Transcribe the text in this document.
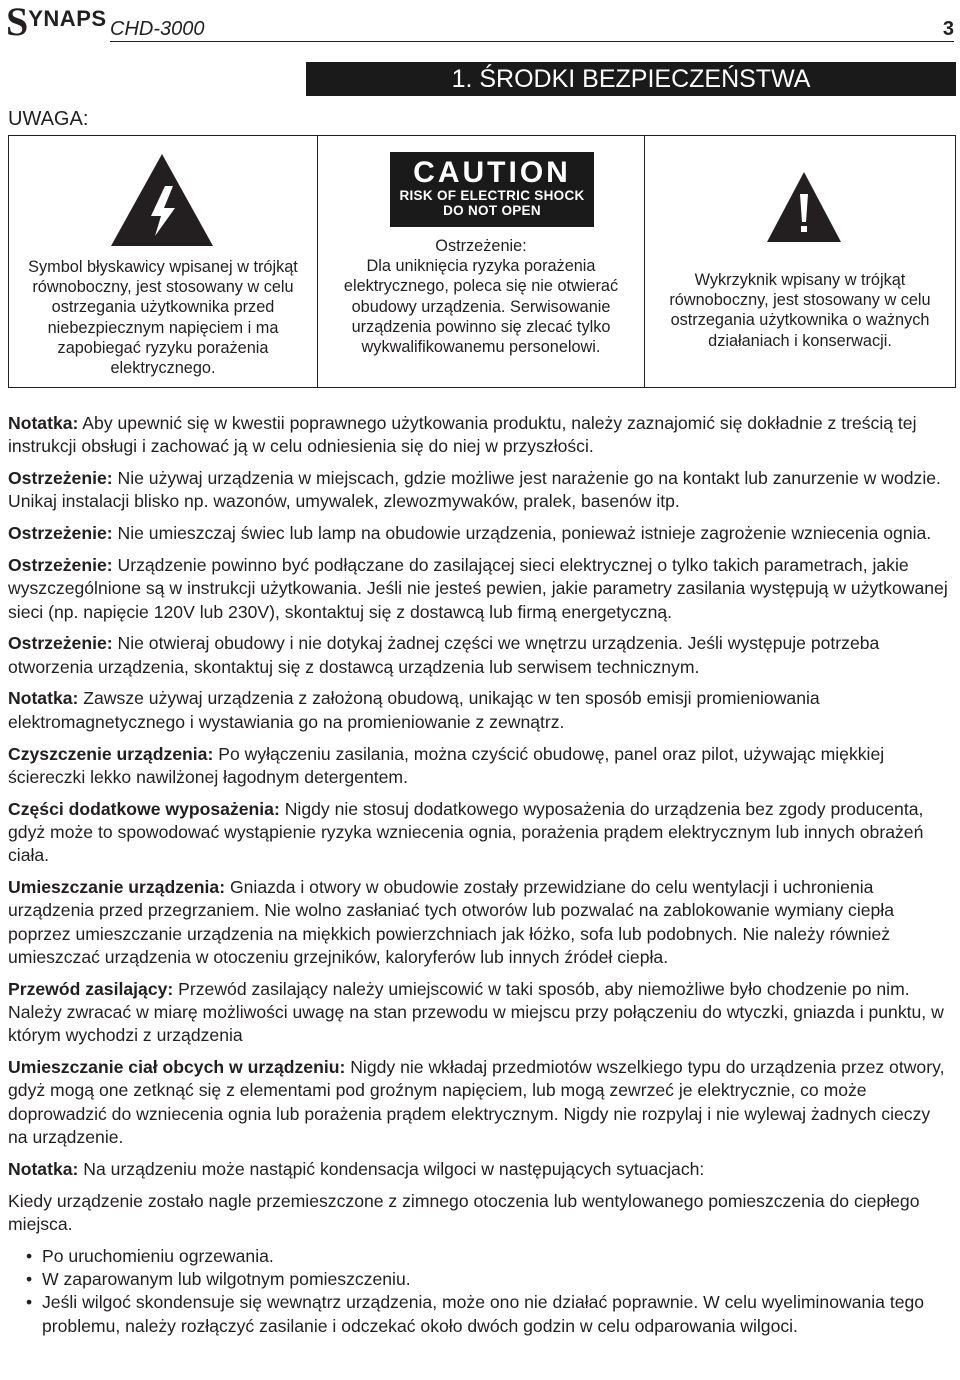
S YNAPS CHD-3000	3
1. ŚRODKI BEZPIECZEŃSTWA
UWAGA:
Symbol błyskawicy wpisanej w trójkąt równoboczny, jest stosowany w celu ostrzegania użytkownika przed niebezpiecznym napięciem i ma zapobiegać ryzyku porażenia elektrycznego.
CAUTION
RISK OF ELECTRIC SHOCK
DO NOT OPEN
Ostrzeżenie:
Dla uniknięcia ryzyka porażenia elektrycznego, poleca się nie otwierać obudowy urządzenia. Serwisowanie urządzenia powinno się zlecać tylko wykwalifikowanemu personelowi.
Wykrzyknik wpisany w trójkąt równoboczny, jest stosowany w celu ostrzegania użytkownika o ważnych działaniach i konserwacji.

Notatka: Aby upewnić się w kwestii poprawnego użytkowania produktu, należy zaznajomić się dokładnie z treścią tej instrukcji obsługi i zachować ją w celu odniesienia się do niej w przyszłości.

Ostrzeżenie: Nie używaj urządzenia w miejscach, gdzie możliwe jest narażenie go na kontakt lub zanurzenie w wodzie. Unikaj instalacji blisko np. wazonów, umywalek, zlewozmywaków, pralek, basenów itp.

Ostrzeżenie: Nie umieszczaj świec lub lamp na obudowie urządzenia, ponieważ istnieje zagrożenie wzniecenia ognia.

Ostrzeżenie: Urządzenie powinno być podłączane do zasilającej sieci elektrycznej o tylko takich parametrach, jakie wyszczególnione są w instrukcji użytkowania. Jeśli nie jesteś pewien, jakie parametry zasilania występują w użytkowanej sieci (np. napięcie 120V lub 230V), skontaktuj się z dostawcą lub firmą energetyczną.

Ostrzeżenie: Nie otwieraj obudowy i nie dotykaj żadnej części we wnętrzu urządzenia. Jeśli występuje potrzeba otworzenia urządzenia, skontaktuj się z dostawcą urządzenia lub serwisem technicznym.

Notatka: Zawsze używaj urządzenia z założoną obudową, unikając w ten sposób emisji promieniowania elektromagnetycznego i wystawiania go na promieniowanie z zewnątrz.

Czyszczenie urządzenia: Po wyłączeniu zasilania, można czyścić obudowę, panel oraz pilot, używając miękkiej ściereczki lekko nawilżonej łagodnym detergentem.

Części dodatkowe wyposażenia: Nigdy nie stosuj dodatkowego wyposażenia do urządzenia bez zgody producenta, gdyż może to spowodować wystąpienie ryzyka wzniecenia ognia, porażenia prądem elektrycznym lub innych obrażeń ciała.

Umieszczanie urządzenia: Gniazda i otwory w obudowie zostały przewidziane do celu wentylacji i uchronienia urządzenia przed przegrzaniem. Nie wolno zasłaniać tych otworów lub pozwalać na zablokowanie wymiany ciepła poprzez umieszczanie urządzenia na miękkich powierzchniach jak łóżko, sofa lub podobnych. Nie należy również umieszczać urządzenia w otoczeniu grzejników, kaloryferów lub innych źródeł ciepła.

Przewód zasilający: Przewód zasilający należy umiejscowić w taki sposób, aby niemożliwe było chodzenie po nim. Należy zwracać w miarę możliwości uwagę na stan przewodu w miejscu przy połączeniu do wtyczki, gniazda i punktu, w którym wychodzi z urządzenia

Umieszczanie ciał obcych w urządzeniu: Nigdy nie wkładaj przedmiotów wszelkiego typu do urządzenia przez otwory, gdyż mogą one zetknąć się z elementami pod groźnym napięciem, lub mogą zewrzeć je elektrycznie, co może doprowadzić do wzniecenia ognia lub porażenia prądem elektrycznym. Nigdy nie rozpylaj i nie wylewaj żadnych cieczy na urządzenie.

Notatka: Na urządzeniu może nastąpić kondensacja wilgoci w następujących sytuacjach:

Kiedy urządzenie zostało nagle przemieszczone z zimnego otoczenia lub wentylowanego pomieszczenia do ciepłego miejsca.

• Po uruchomieniu ogrzewania.
• W zaparowanym lub wilgotnym pomieszczeniu.
• Jeśli wilgoć skondensuje się wewnątrz urządzenia, może ono nie działać poprawnie. W celu wyeliminowania tego problemu, należy rozłączyć zasilanie i odczekać około dwóch godzin w celu odparowania wilgoci.
